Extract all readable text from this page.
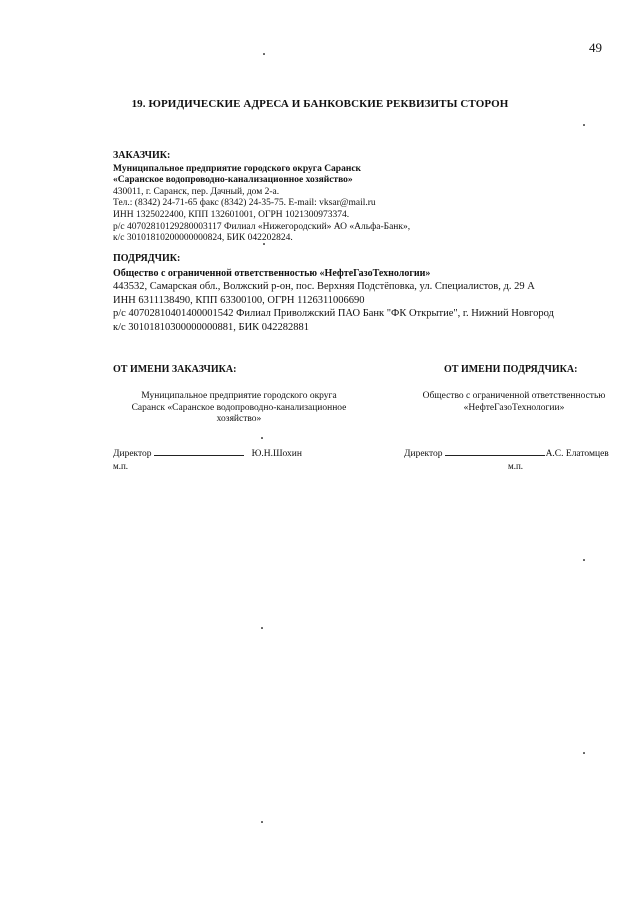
49
19. ЮРИДИЧЕСКИЕ АДРЕСА И БАНКОВСКИЕ РЕКВИЗИТЫ СТОРОН
ЗАКАЗЧИК:
Муниципальное предприятие городского округа Саранск
«Саранское водопроводно-канализационное хозяйство»
430011, г. Саранск, пер. Дачный, дом 2-а.
Тел.: (8342) 24-71-65 факс (8342) 24-35-75. E-mail: vksar@mail.ru
ИНН 1325022400, КПП 132601001, ОГРН 1021300973374.
р/с 40702810129280003117 Филиал «Нижегородский» АО «Альфа-Банк»,
к/с 30101810200000000824, БИК 042202824.
ПОДРЯДЧИК:
Общество с ограниченной ответственностью «НефтеГазоТехнологии»
443532, Самарская обл., Волжский р-он, пос. Верхняя Подстёповка, ул. Специалистов, д. 29 А
ИНН 6311138490, КПП 63300100, ОГРН 1126311006690
р/с 40702810401400001542 Филиал Приволжский ПАО Банк "ФК Открытие", г. Нижний Новгород
к/с 30101810300000000881, БИК 042282881
ОТ ИМЕНИ ЗАКАЗЧИКА:	ОТ ИМЕНИ ПОДРЯДЧИКА:
Муниципальное предприятие городского округа
Саранск «Саранское водопроводно-канализационное
хозяйство»
Общество с ограниченной ответственностью
«НефтеГазоТехнологии»
Директор	Ю.Н.Шохин	Директор	А.С. Елатомцев
м.п.	м.п.
